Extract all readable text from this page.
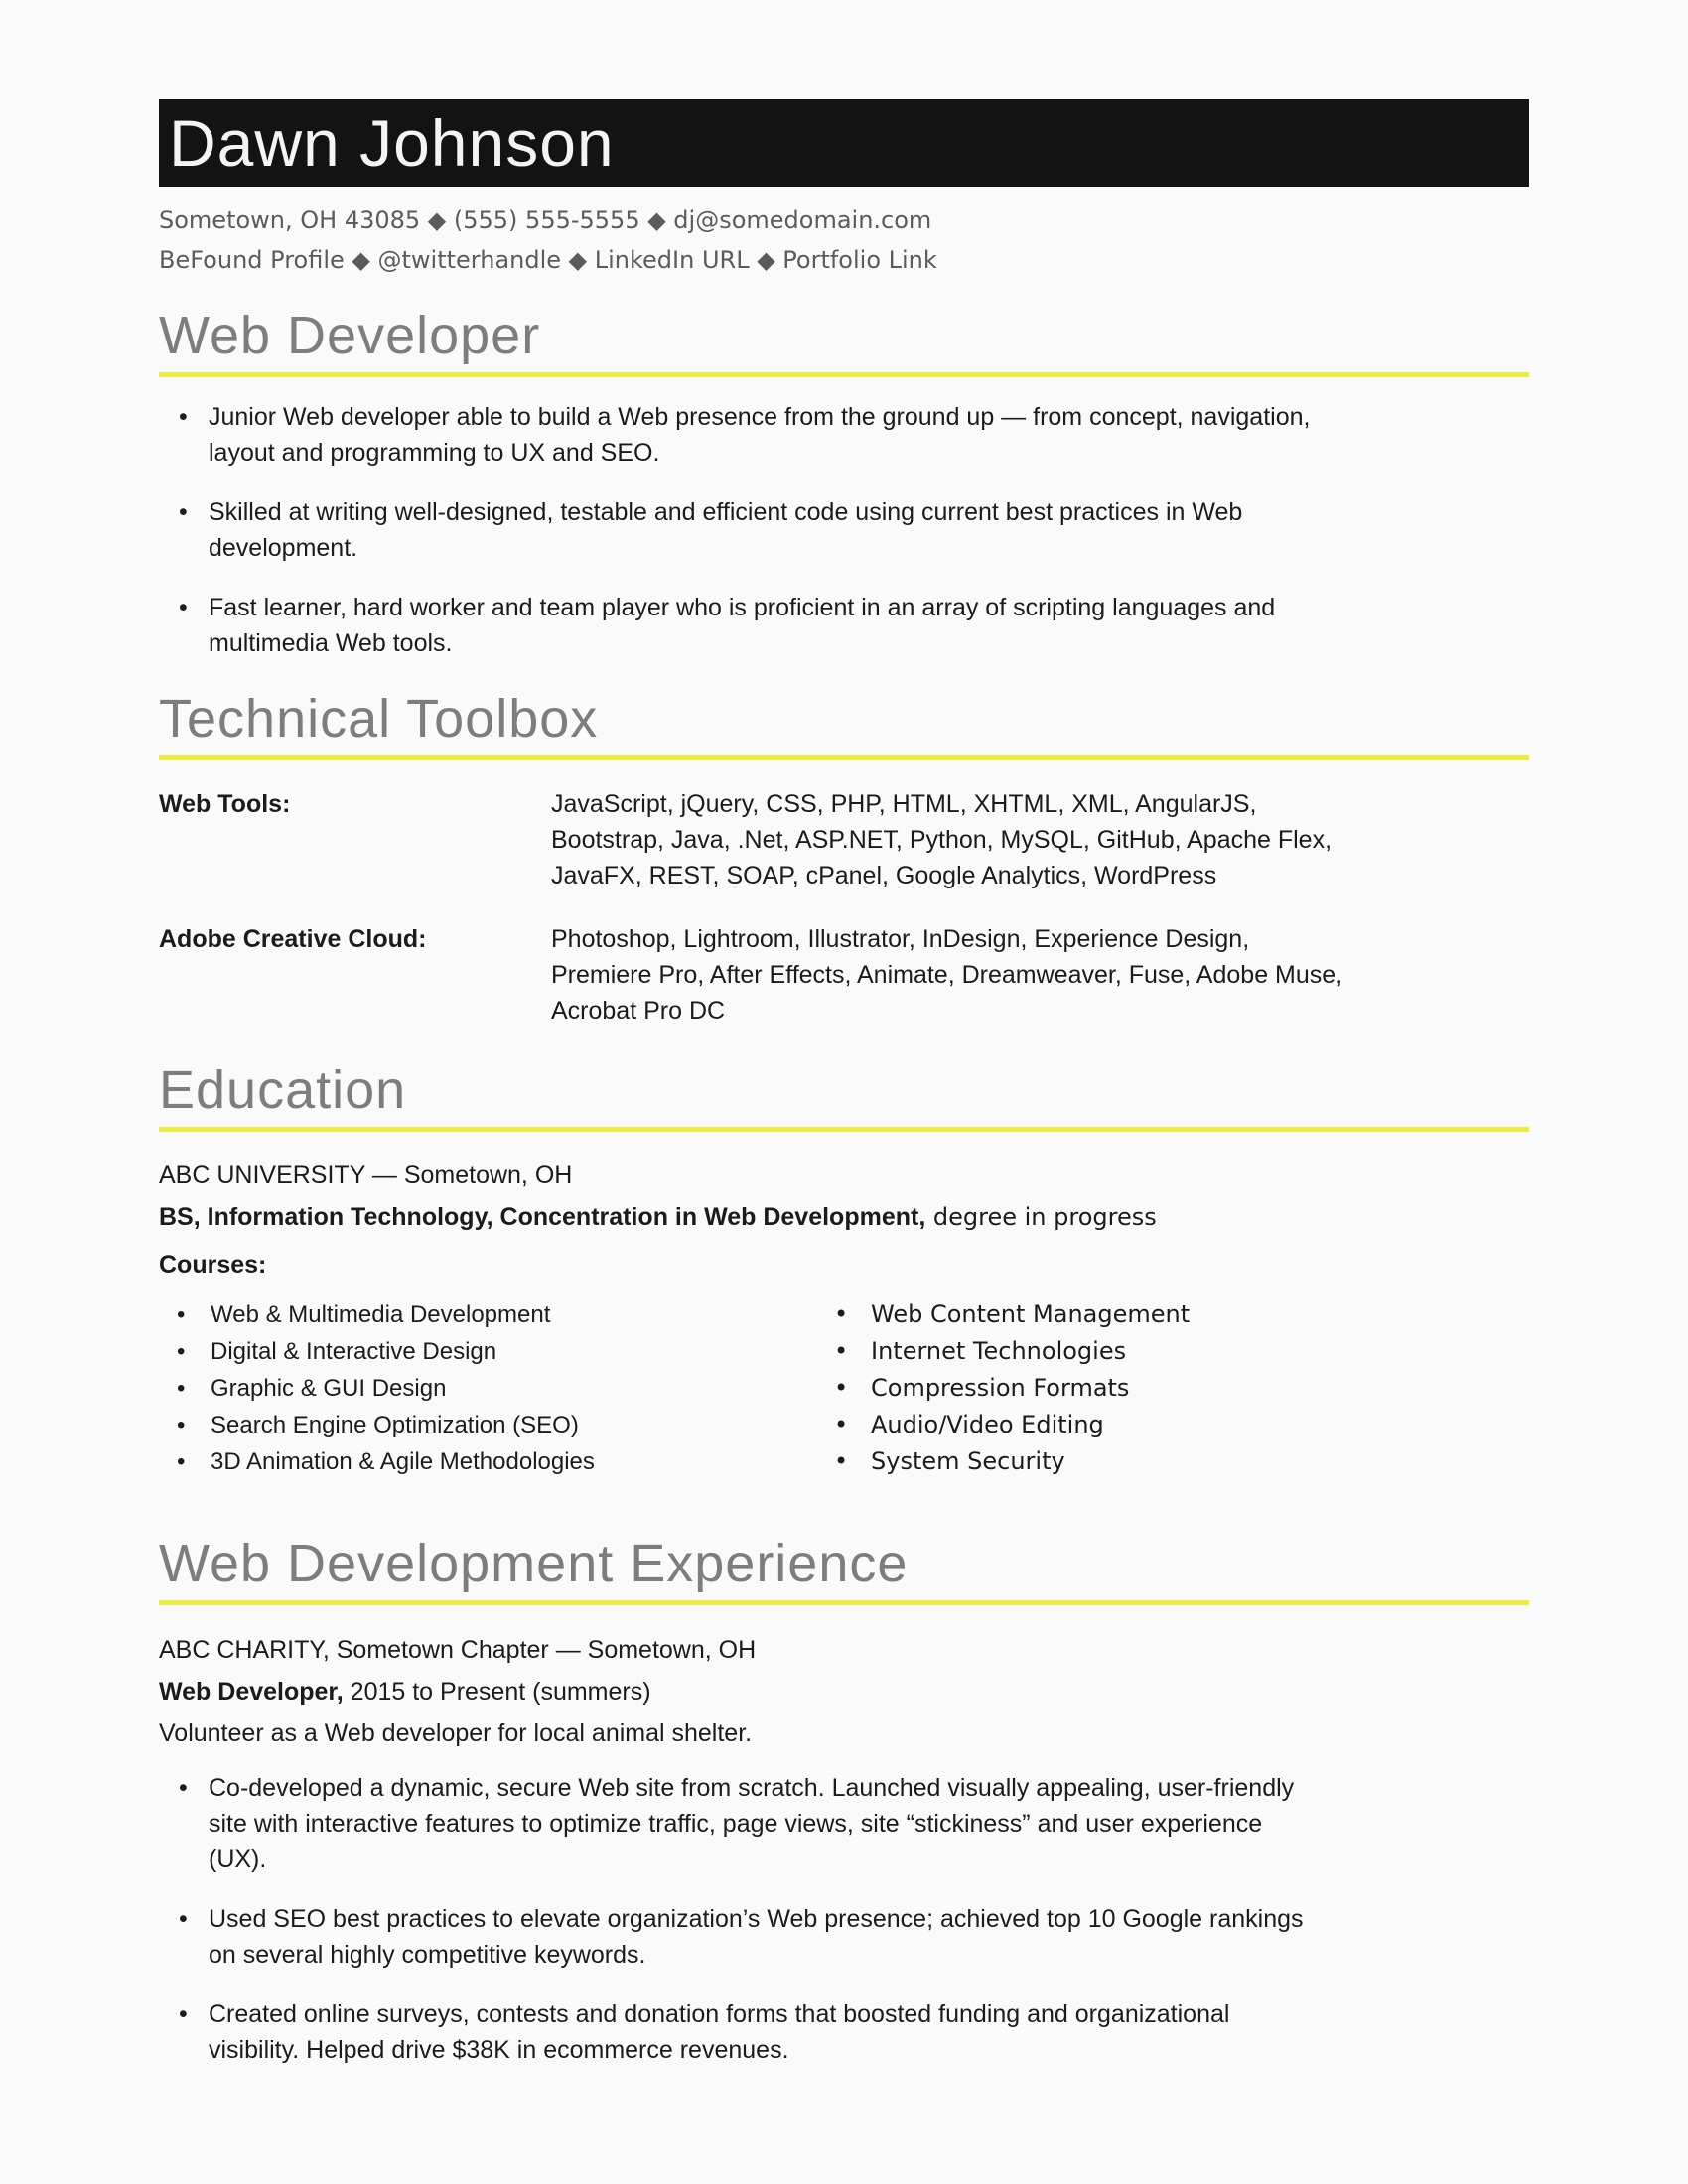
Dawn Johnson

Sometown, OH 43085 ◆ (555) 555-5555 ◆ dj@somedomain.com

BeFound Profile ◆ @twitterhandle ◆ LinkedIn URL ◆ Portfolio Link

Web Developer
• Junior Web developer able to build a Web presence from the ground up — from concept, navigation, layout and programming to UX and SEO.
• Skilled at writing well-designed, testable and efficient code using current best practices in Web development.
• Fast learner, hard worker and team player who is proficient in an array of scripting languages and multimedia Web tools.
Technical Toolbox
Web Tools:	JavaScript, jQuery, CSS, PHP, HTML, XHTML, XML, AngularJS, Bootstrap, Java, .Net, ASP.NET, Python, MySQL, GitHub, Apache Flex, JavaFX, REST, SOAP, cPanel, Google Analytics, WordPress
Adobe Creative Cloud:	Photoshop, Lightroom, Illustrator, InDesign, Experience Design, Premiere Pro, After Effects, Animate, Dreamweaver, Fuse, Adobe Muse, Acrobat Pro DC
Education

ABC UNIVERSITY — Sometown, OH

BS, Information Technology, Concentration in Web Development, degree in progress

Courses:

• Web & Multimedia Development
• Digital & Interactive Design
• Graphic & GUI Design
• Search Engine Optimization (SEO)
• 3D Animation & Agile Methodologies
• Web Content Management
• Internet Technologies
• Compression Formats
• Audio/Video Editing
• System Security
Web Development Experience

ABC CHARITY, Sometown Chapter — Sometown, OH

Web Developer, 2015 to Present (summers)

Volunteer as a Web developer for local animal shelter.

• Co-developed a dynamic, secure Web site from scratch. Launched visually appealing, user-friendly site with interactive features to optimize traffic, page views, site “stickiness” and user experience (UX).
• Used SEO best practices to elevate organization’s Web presence; achieved top 10 Google rankings on several highly competitive keywords.
• Created online surveys, contests and donation forms that boosted funding and organizational visibility. Helped drive $38K in ecommerce revenues.
